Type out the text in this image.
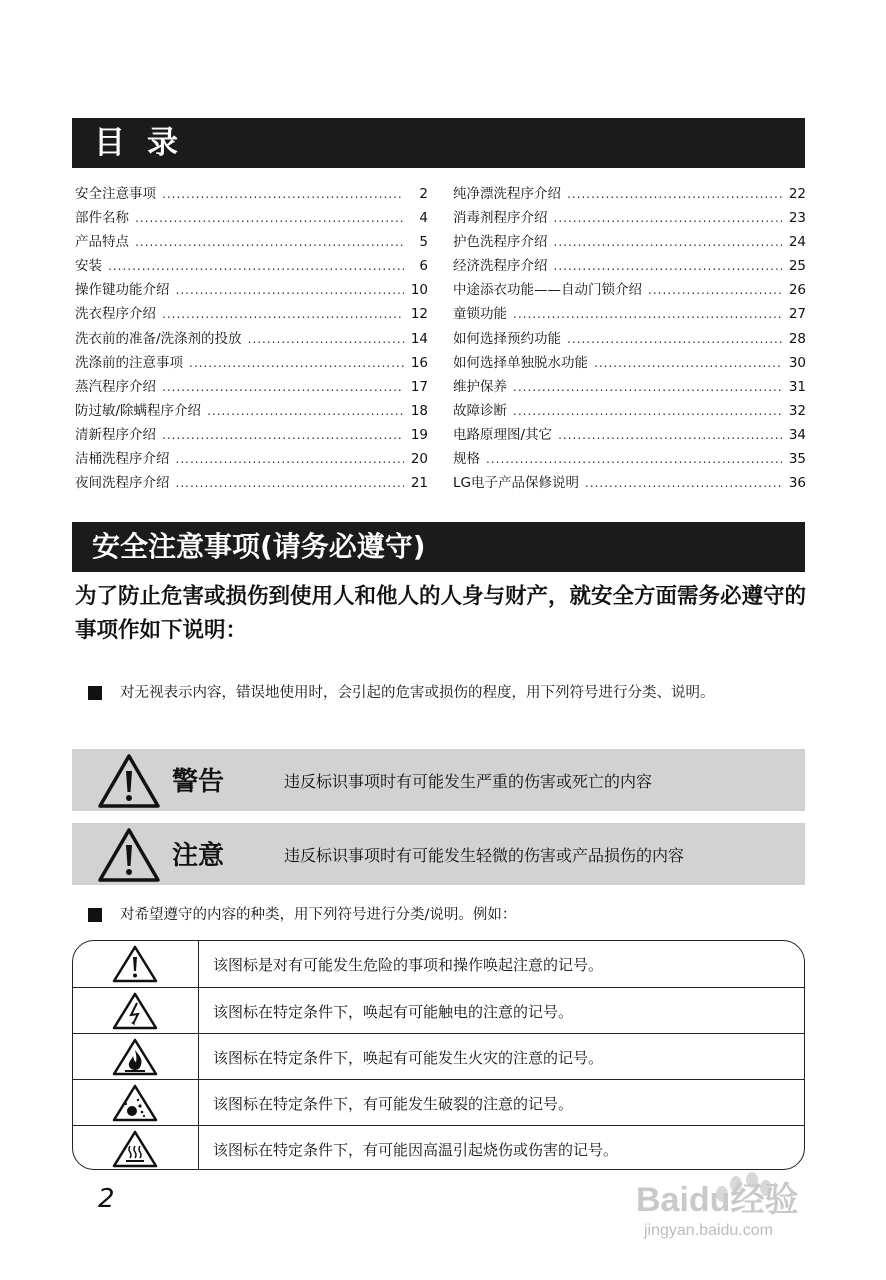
目录
安全注意事项 .....	2
部件名称 .....	4
产品特点 .....	5
安装 .....	6
操作键功能介绍 .....	10
洗衣程序介绍 .....	12
洗衣前的准备/洗涤剂的投放 .....	14
洗涤前的注意事项 .....	16
蒸汽程序介绍 .....	17
防过敏/除螨程序介绍 .....	18
清新程序介绍 .....	19
洁桶洗程序介绍 .....	20
夜间洗程序介绍 .....	21
纯净漂洗程序介绍 .....	22
消毒剂程序介绍 .....	23
护色洗程序介绍 .....	24
经济洗程序介绍 .....	25
中途添衣功能——自动门锁介绍 .....	26
童锁功能 .....	27
如何选择预约功能 .....	28
如何选择单独脱水功能 .....	30
维护保养 .....	31
故障诊断 .....	32
电路原理图/其它 .....	34
规格 .....	35
LG电子产品保修说明 .....	36
安全注意事项(请务必遵守)
为了防止危害或损伤到使用人和他人的人身与财产，就安全方面需务必遵守的事项作如下说明：
对无视表示内容，错误地使用时，会引起的危害或损伤的程度，用下列符号进行分类、说明。
警告	违反标识事项时有可能发生严重的伤害或死亡的内容
注意	违反标识事项时有可能发生轻微的伤害或产品损伤的内容
对希望遵守的内容的种类，用下列符号进行分类/说明。例如：
该图标是对有可能发生危险的事项和操作唤起注意的记号。
该图标在特定条件下，唤起有可能触电的注意的记号。
该图标在特定条件下，唤起有可能发生火灾的注意的记号。
该图标在特定条件下，有可能发生破裂的注意的记号。
该图标在特定条件下，有可能因高温引起烧伤或伤害的记号。
2	Baidu经验
jingyan.baidu.com
